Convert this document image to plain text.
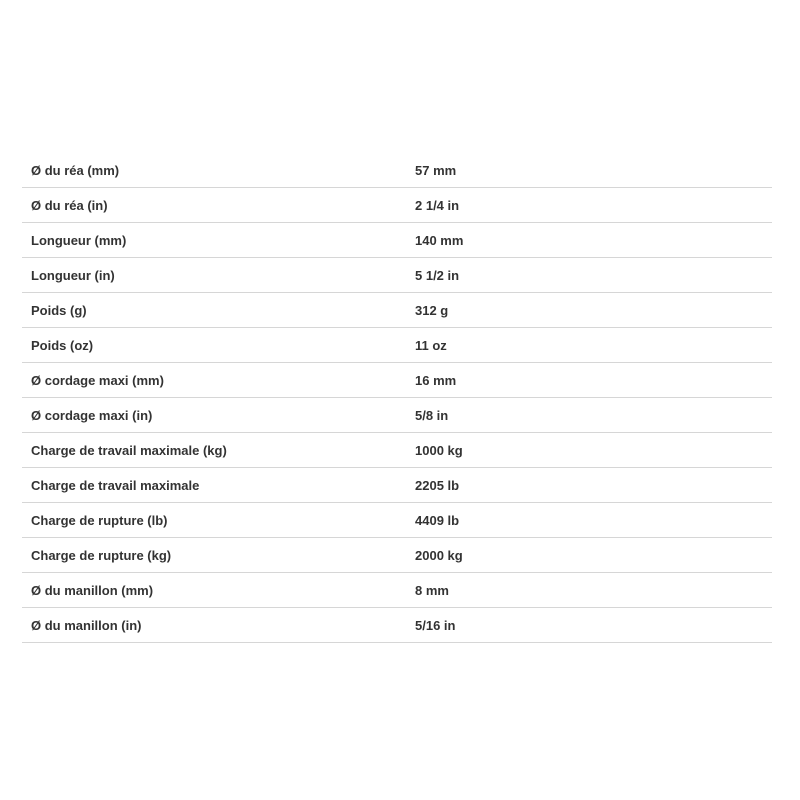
Ø du réa (mm)	57 mm
Ø du réa (in)	2 1/4 in
Longueur (mm)	140 mm
Longueur (in)	5 1/2 in
Poids (g)	312 g
Poids (oz)	11 oz
Ø cordage maxi (mm)	16 mm
Ø cordage maxi (in)	5/8 in
Charge de travail maximale (kg)	1000 kg
Charge de travail maximale	2205 lb
Charge de rupture (lb)	4409 lb
Charge de rupture (kg)	2000 kg
Ø du manillon (mm)	8 mm
Ø du manillon (in)	5/16 in
